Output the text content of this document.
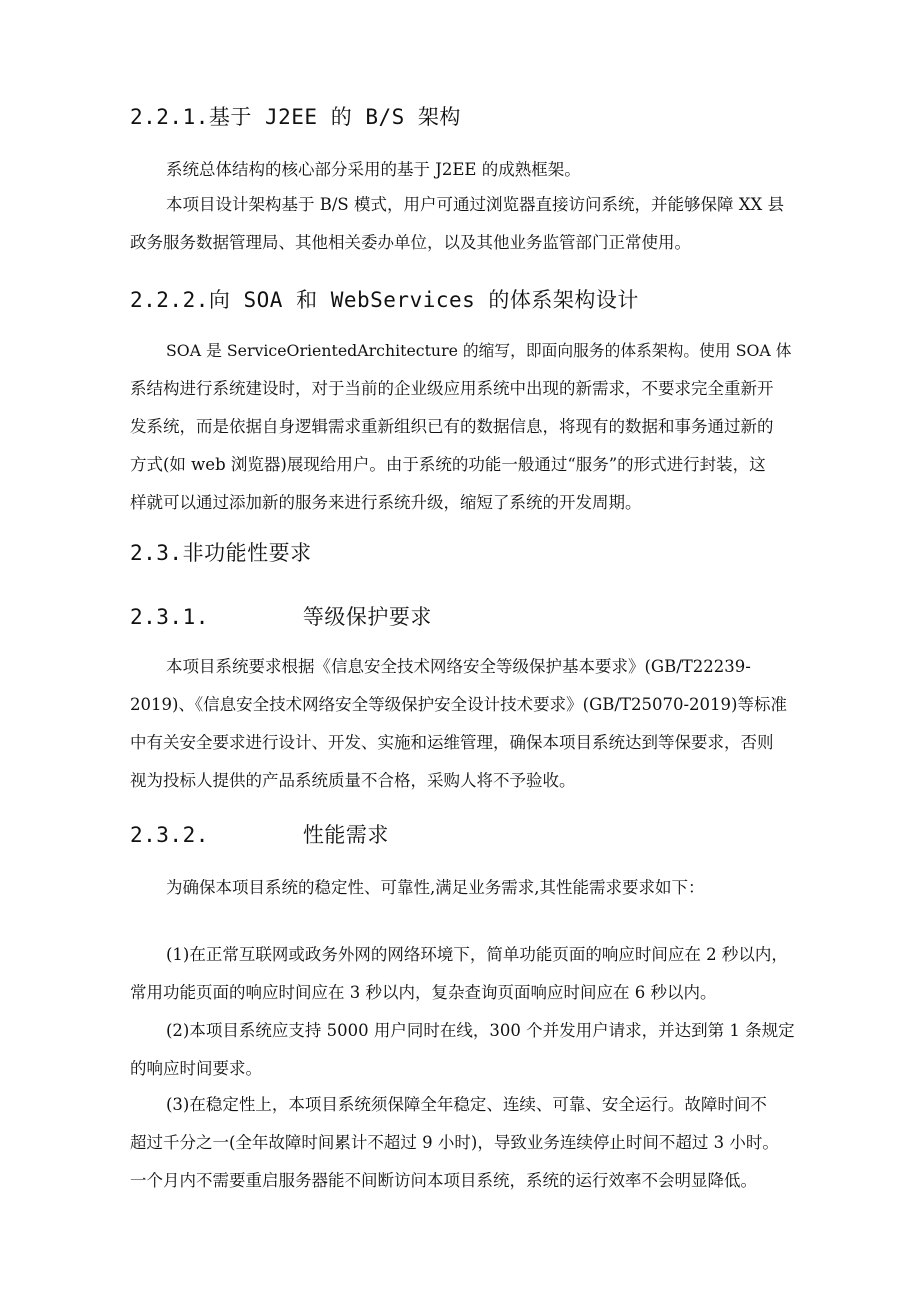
2.2.1.基于 J2EE 的 B/S 架构
系统总体结构的核心部分采用的基于 J2EE 的成熟框架。
本项目设计架构基于 B/S 模式，用户可通过浏览器直接访问系统，并能够保障 XX 县
政务服务数据管理局、其他相关委办单位，以及其他业务监管部门正常使用。
2.2.2.向 SOA 和 WebServices 的体系架构设计
SOA 是 ServiceOrientedArchitecture 的缩写，即面向服务的体系架构。使用 SOA 体
系结构进行系统建设时，对于当前的企业级应用系统中出现的新需求，不要求完全重新开
发系统，而是依据自身逻辑需求重新组织已有的数据信息，将现有的数据和事务通过新的
方式(如 web 浏览器)展现给用户。由于系统的功能一般通过“服务”的形式进行封装，这
样就可以通过添加新的服务来进行系统升级，缩短了系统的开发周期。
2.3.非功能性要求
2.3.1.	等级保护要求
本项目系统要求根据《信息安全技术网络安全等级保护基本要求》(GB/T22239-
2019)、《信息安全技术网络安全等级保护安全设计技术要求》(GB/T25070-2019)等标准
中有关安全要求进行设计、开发、实施和运维管理，确保本项目系统达到等保要求，否则
视为投标人提供的产品系统质量不合格，采购人将不予验收。
2.3.2.	性能需求
为确保本项目系统的稳定性、可靠性,满足业务需求,其性能需求要求如下：
(1)在正常互联网或政务外网的网络环境下，简单功能页面的响应时间应在 2 秒以内，
常用功能页面的响应时间应在 3 秒以内，复杂查询页面响应时间应在 6 秒以内。
(2)本项目系统应支持 5000 用户同时在线，300 个并发用户请求，并达到第 1 条规定
的响应时间要求。
(3)在稳定性上，本项目系统须保障全年稳定、连续、可靠、安全运行。故障时间不
超过千分之一(全年故障时间累计不超过 9 小时)，导致业务连续停止时间不超过 3 小时。
一个月内不需要重启服务器能不间断访问本项目系统，系统的运行效率不会明显降低。
